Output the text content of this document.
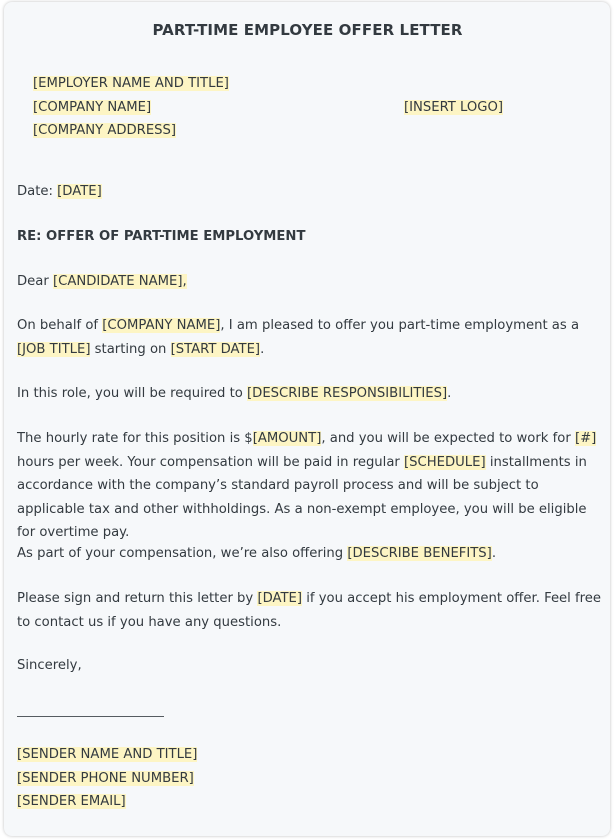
PART-TIME EMPLOYEE OFFER LETTER
[EMPLOYER NAME AND TITLE]
[COMPANY NAME]	[INSERT LOGO]
[COMPANY ADDRESS]
Date: [DATE]
RE: OFFER OF PART-TIME EMPLOYMENT
Dear [CANDIDATE NAME],
On behalf of [COMPANY NAME], I am pleased to offer you part-time employment as a [JOB TITLE] starting on [START DATE].
In this role, you will be required to [DESCRIBE RESPONSIBILITIES].
The hourly rate for this position is $[AMOUNT], and you will be expected to work for [#] hours per week. Your compensation will be paid in regular [SCHEDULE] installments in accordance with the company’s standard payroll process and will be subject to applicable tax and other withholdings. As a non-exempt employee, you will be eligible for overtime pay.
As part of your compensation, we’re also offering [DESCRIBE BENEFITS].
Please sign and return this letter by [DATE] if you accept his employment offer. Feel free to contact us if you have any questions.
Sincerely,
[SENDER NAME AND TITLE]
[SENDER PHONE NUMBER]
[SENDER EMAIL]
